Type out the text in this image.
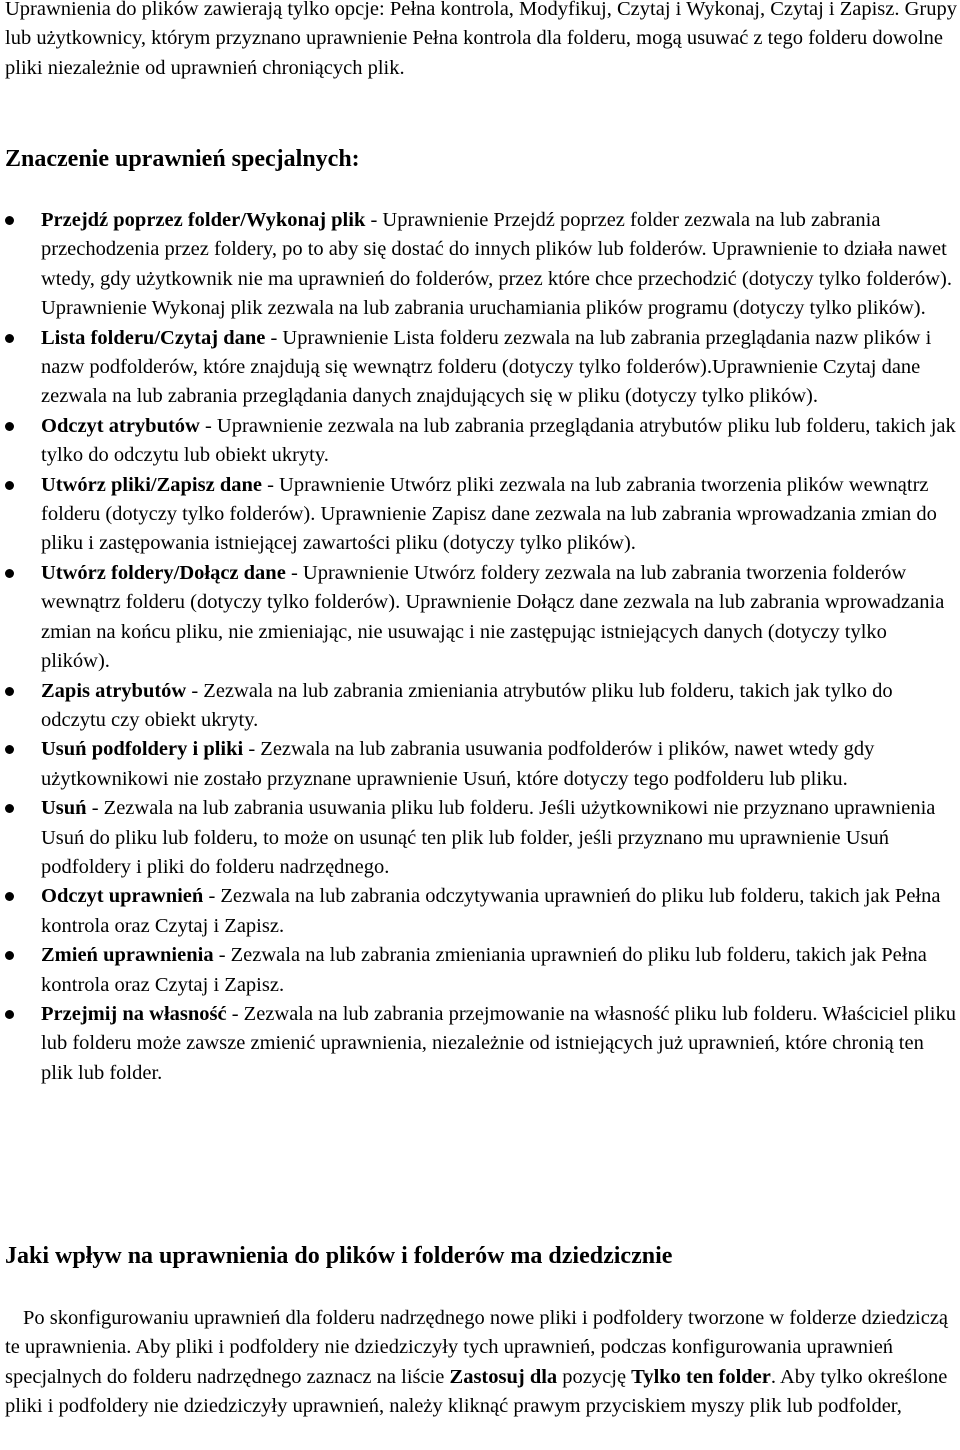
Uprawnienia do plików zawierają tylko opcje: Pełna kontrola, Modyfikuj, Czytaj i Wykonaj, Czytaj i Zapisz. Grupy lub użytkownicy, którym przyznano uprawnienie Pełna kontrola dla folderu, mogą usuwać z tego folderu dowolne pliki niezależnie od uprawnień chroniących plik.

Znaczenie uprawnień specjalnych:
Przejdź poprzez folder/Wykonaj plik - Uprawnienie Przejdź poprzez folder zezwala na lub zabrania przechodzenia przez foldery, po to aby się dostać do innych plików lub folderów. Uprawnienie to działa nawet wtedy, gdy użytkownik nie ma uprawnień do folderów, przez które chce przechodzić (dotyczy tylko folderów). Uprawnienie Wykonaj plik zezwala na lub zabrania uruchamiania plików programu (dotyczy tylko plików).
Lista folderu/Czytaj dane - Uprawnienie Lista folderu zezwala na lub zabrania przeglądania nazw plików i nazw podfolderów, które znajdują się wewnątrz folderu (dotyczy tylko folderów).Uprawnienie Czytaj dane zezwala na lub zabrania przeglądania danych znajdujących się w pliku (dotyczy tylko plików).
Odczyt atrybutów - Uprawnienie zezwala na lub zabrania przeglądania atrybutów pliku lub folderu, takich jak tylko do odczytu lub obiekt ukryty.
Utwórz pliki/Zapisz dane - Uprawnienie Utwórz pliki zezwala na lub zabrania tworzenia plików wewnątrz folderu (dotyczy tylko folderów). Uprawnienie Zapisz dane zezwala na lub zabrania wprowadzania zmian do pliku i zastępowania istniejącej zawartości pliku (dotyczy tylko plików).
Utwórz foldery/Dołącz dane - Uprawnienie Utwórz foldery zezwala na lub zabrania tworzenia folderów wewnątrz folderu (dotyczy tylko folderów). Uprawnienie Dołącz dane zezwala na lub zabrania wprowadzania zmian na końcu pliku, nie zmieniając, nie usuwając i nie zastępując istniejących danych (dotyczy tylko plików).
Zapis atrybutów - Zezwala na lub zabrania zmieniania atrybutów pliku lub folderu, takich jak tylko do odczytu czy obiekt ukryty.
Usuń podfoldery i pliki - Zezwala na lub zabrania usuwania podfolderów i plików, nawet wtedy gdy użytkownikowi nie zostało przyznane uprawnienie Usuń, które dotyczy tego podfolderu lub pliku.
Usuń - Zezwala na lub zabrania usuwania pliku lub folderu. Jeśli użytkownikowi nie przyznano uprawnienia Usuń do pliku lub folderu, to może on usunąć ten plik lub folder, jeśli przyznano mu uprawnienie Usuń podfoldery i pliki do folderu nadrzędnego.
Odczyt uprawnień - Zezwala na lub zabrania odczytywania uprawnień do pliku lub folderu, takich jak Pełna kontrola oraz Czytaj i Zapisz.
Zmień uprawnienia - Zezwala na lub zabrania zmieniania uprawnień do pliku lub folderu, takich jak Pełna kontrola oraz Czytaj i Zapisz.
Przejmij na własność - Zezwala na lub zabrania przejmowanie na własność pliku lub folderu. Właściciel pliku lub folderu może zawsze zmienić uprawnienia, niezależnie od istniejących już uprawnień, które chronią ten plik lub folder.
Jaki wpływ na uprawnienia do plików i folderów ma dziedzicznie

Po skonfigurowaniu uprawnień dla folderu nadrzędnego nowe pliki i podfoldery tworzone w folderze dziedziczą te uprawnienia. Aby pliki i podfoldery nie dziedziczyły tych uprawnień, podczas konfigurowania uprawnień specjalnych do folderu nadrzędnego zaznacz na liście Zastosuj dla pozycję Tylko ten folder. Aby tylko określone pliki i podfoldery nie dziedziczyły uprawnień, należy kliknąć prawym przyciskiem myszy plik lub podfolder,
